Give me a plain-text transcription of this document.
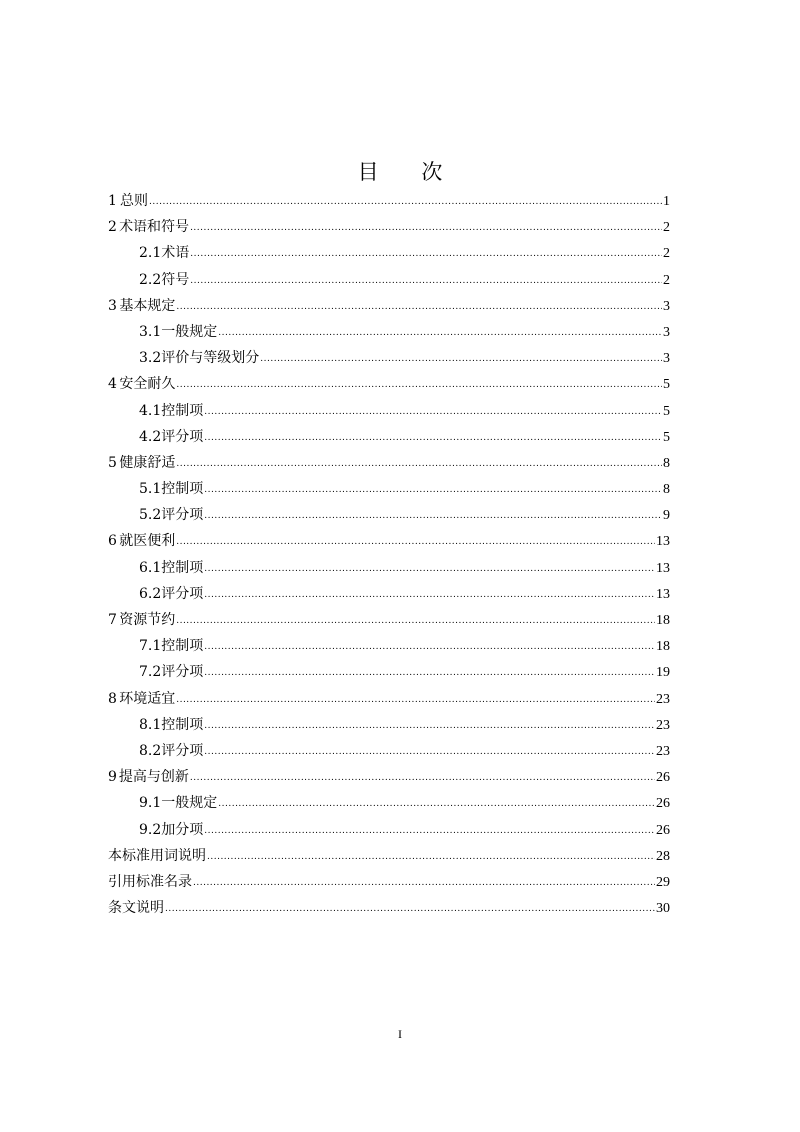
目 次
1 总则 .....	1
2 术语和符号 .....	2
2.1 术语 .....	2
2.2 符号 .....	2
3 基本规定 .....	3
3.1 一般规定 .....	3
3.2 评价与等级划分 .....	3
4 安全耐久 .....	5
4.1 控制项 .....	5
4.2 评分项 .....	5
5 健康舒适 .....	8
5.1 控制项 .....	8
5.2 评分项 .....	9
6 就医便利 .....	13
6.1 控制项 .....	13
6.2 评分项 .....	13
7 资源节约 .....	18
7.1 控制项 .....	18
7.2 评分项 .....	19
8 环境适宜 .....	23
8.1 控制项 .....	23
8.2 评分项 .....	23
9 提高与创新 .....	26
9.1 一般规定 .....	26
9.2 加分项 .....	26
本标准用词说明 .....	28
引用标准名录 .....	29
条文说明 .....	30
I
